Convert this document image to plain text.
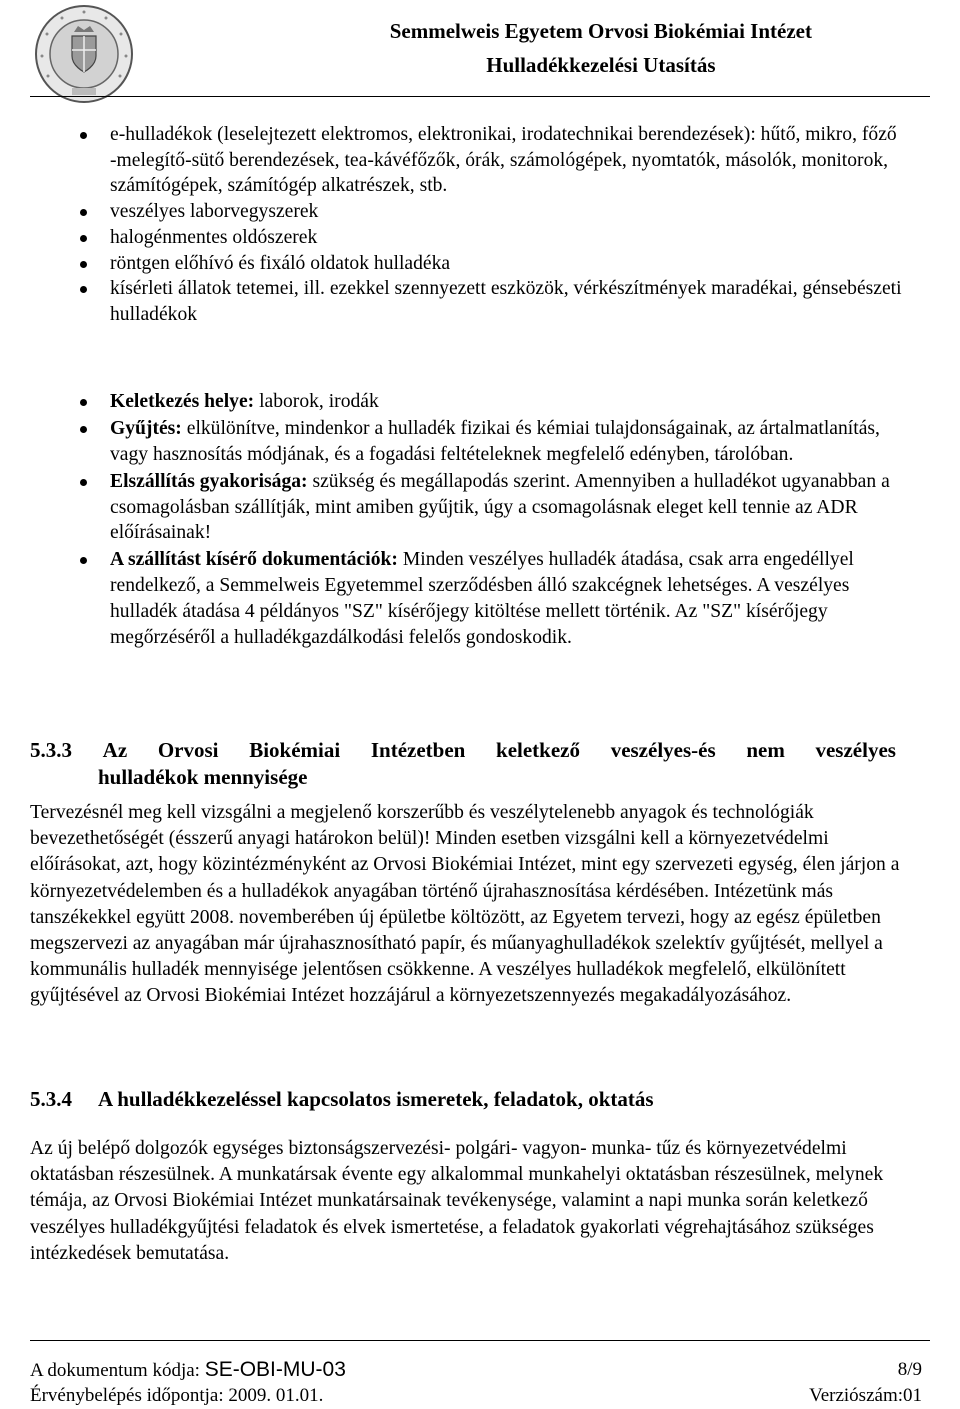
Semmelweis Egyetem Orvosi Biokémiai Intézet
Hulladékkezelési Utasítás
e-hulladékok (leselejtezett elektromos, elektronikai, irodatechnikai berendezések): hűtő, mikro, főző -melegítő-sütő berendezések, tea-kávéfőzők, órák, számológépek, nyomtatók, másolók, monitorok, számítógépek, számítógép alkatrészek, stb.
veszélyes laborvegyszerek
halogénmentes oldószerek
röntgen előhívó és fixáló oldatok hulladéka
kísérleti állatok tetemei, ill. ezekkel szennyezett eszközök, vérkészítmények maradékai, génsebészeti hulladékok
Keletkezés helye: laborok, irodák
Gyűjtés: elkülönítve, mindenkor a hulladék fizikai és kémiai tulajdonságainak, az ártalmatlanítás, vagy hasznosítás módjának, és a fogadási feltételeknek megfelelő edényben, tárolóban.
Elszállítás gyakorisága: szükség és megállapodás szerint. Amennyiben a hulladékot ugyanabban a csomagolásban szállítják, mint amiben gyűjtik, úgy a csomagolásnak eleget kell tennie az ADR előírásainak!
A szállítást kísérő dokumentációk: Minden veszélyes hulladék átadása, csak arra engedéllyel rendelkező, a Semmelweis Egyetemmel szerződésben álló szakcégnek lehetséges. A veszélyes hulladék átadása 4 példányos "SZ" kísérőjegy kitöltése mellett történik. Az "SZ" kísérőjegy megőrzéséről a hulladékgazdálkodási felelős gondoskodik.
5.3.3 Az Orvosi Biokémiai Intézetben keletkező veszélyes-és nem veszélyes
hulladékok mennyisége

Tervezésnél meg kell vizsgálni a megjelenő korszerűbb és veszélytelenebb anyagok és technológiák bevezethetőségét (ésszerű anyagi határokon belül)! Minden esetben vizsgálni kell a környezetvédelmi előírásokat, azt, hogy közintézményként az Orvosi Biokémiai Intézet, mint egy szervezeti egység, élen járjon a környezetvédelemben és a hulladékok anyagában történő újrahasznosítása kérdésében. Intézetünk más tanszékekkel együtt 2008. novemberében új épületbe költözött, az Egyetem tervezi, hogy az egész épületben megszervezi az anyagában már újrahasznosítható papír, és műanyaghulladékok szelektív gyűjtését, mellyel a kommunális hulladék mennyisége jelentősen csökkenne. A veszélyes hulladékok megfelelő, elkülönített gyűjtésével az Orvosi Biokémiai Intézet hozzájárul a környezetszennyezés megakadályozásához.

5.3.4 A hulladékkezeléssel kapcsolatos ismeretek, feladatok, oktatás

Az új belépő dolgozók egységes biztonságszervezési- polgári- vagyon- munka- tűz és környezetvédelmi oktatásban részesülnek. A munkatársak évente egy alkalommal munkahelyi oktatásban részesülnek, melynek témája, az Orvosi Biokémiai Intézet munkatársainak tevékenysége, valamint a napi munka során keletkező veszélyes hulladékgyűjtési feladatok és elvek ismertetése, a feladatok gyakorlati végrehajtásához szükséges intézkedések bemutatása.

A dokumentum kódja: SE-OBI-MU-03	8/9
Érvénybelépés időpontja: 2009. 01.01.	Verziószám:01
